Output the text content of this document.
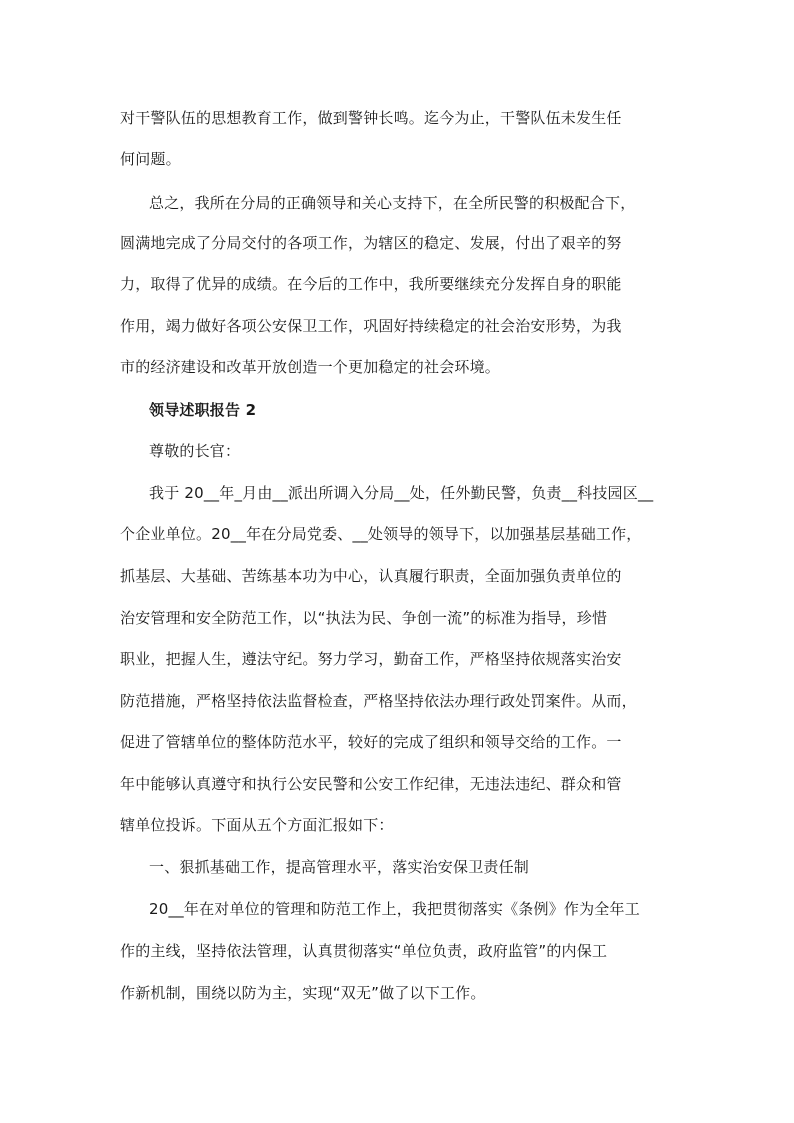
对干警队伍的思想教育工作，做到警钟长鸣。迄今为止，干警队伍未发生任
何问题。
总之，我所在分局的正确领导和关心支持下，在全所民警的积极配合下，
圆满地完成了分局交付的各项工作，为辖区的稳定、发展，付出了艰辛的努
力，取得了优异的成绩。在今后的工作中，我所要继续充分发挥自身的职能
作用，竭力做好各项公安保卫工作，巩固好持续稳定的社会治安形势，为我
市的经济建设和改革开放创造一个更加稳定的社会环境。
领导述职报告 2
尊敬的长官：
我于 20__年_月由__派出所调入分局__处，任外勤民警，负责__科技园区__
个企业单位。20__年在分局党委、__处领导的领导下，以加强基层基础工作，
抓基层、大基础、苦练基本功为中心，认真履行职责，全面加强负责单位的
治安管理和安全防范工作，以“执法为民、争创一流”的标准为指导，珍惜
职业，把握人生，遵法守纪。努力学习，勤奋工作，严格坚持依规落实治安
防范措施，严格坚持依法监督检查，严格坚持依法办理行政处罚案件。从而，
促进了管辖单位的整体防范水平，较好的完成了组织和领导交给的工作。一
年中能够认真遵守和执行公安民警和公安工作纪律，无违法违纪、群众和管
辖单位投诉。下面从五个方面汇报如下：
一、狠抓基础工作，提高管理水平，落实治安保卫责任制
20__年在对单位的管理和防范工作上，我把贯彻落实《条例》作为全年工
作的主线，坚持依法管理，认真贯彻落实“单位负责，政府监管”的内保工
作新机制，围绕以防为主，实现“双无”做了以下工作。
